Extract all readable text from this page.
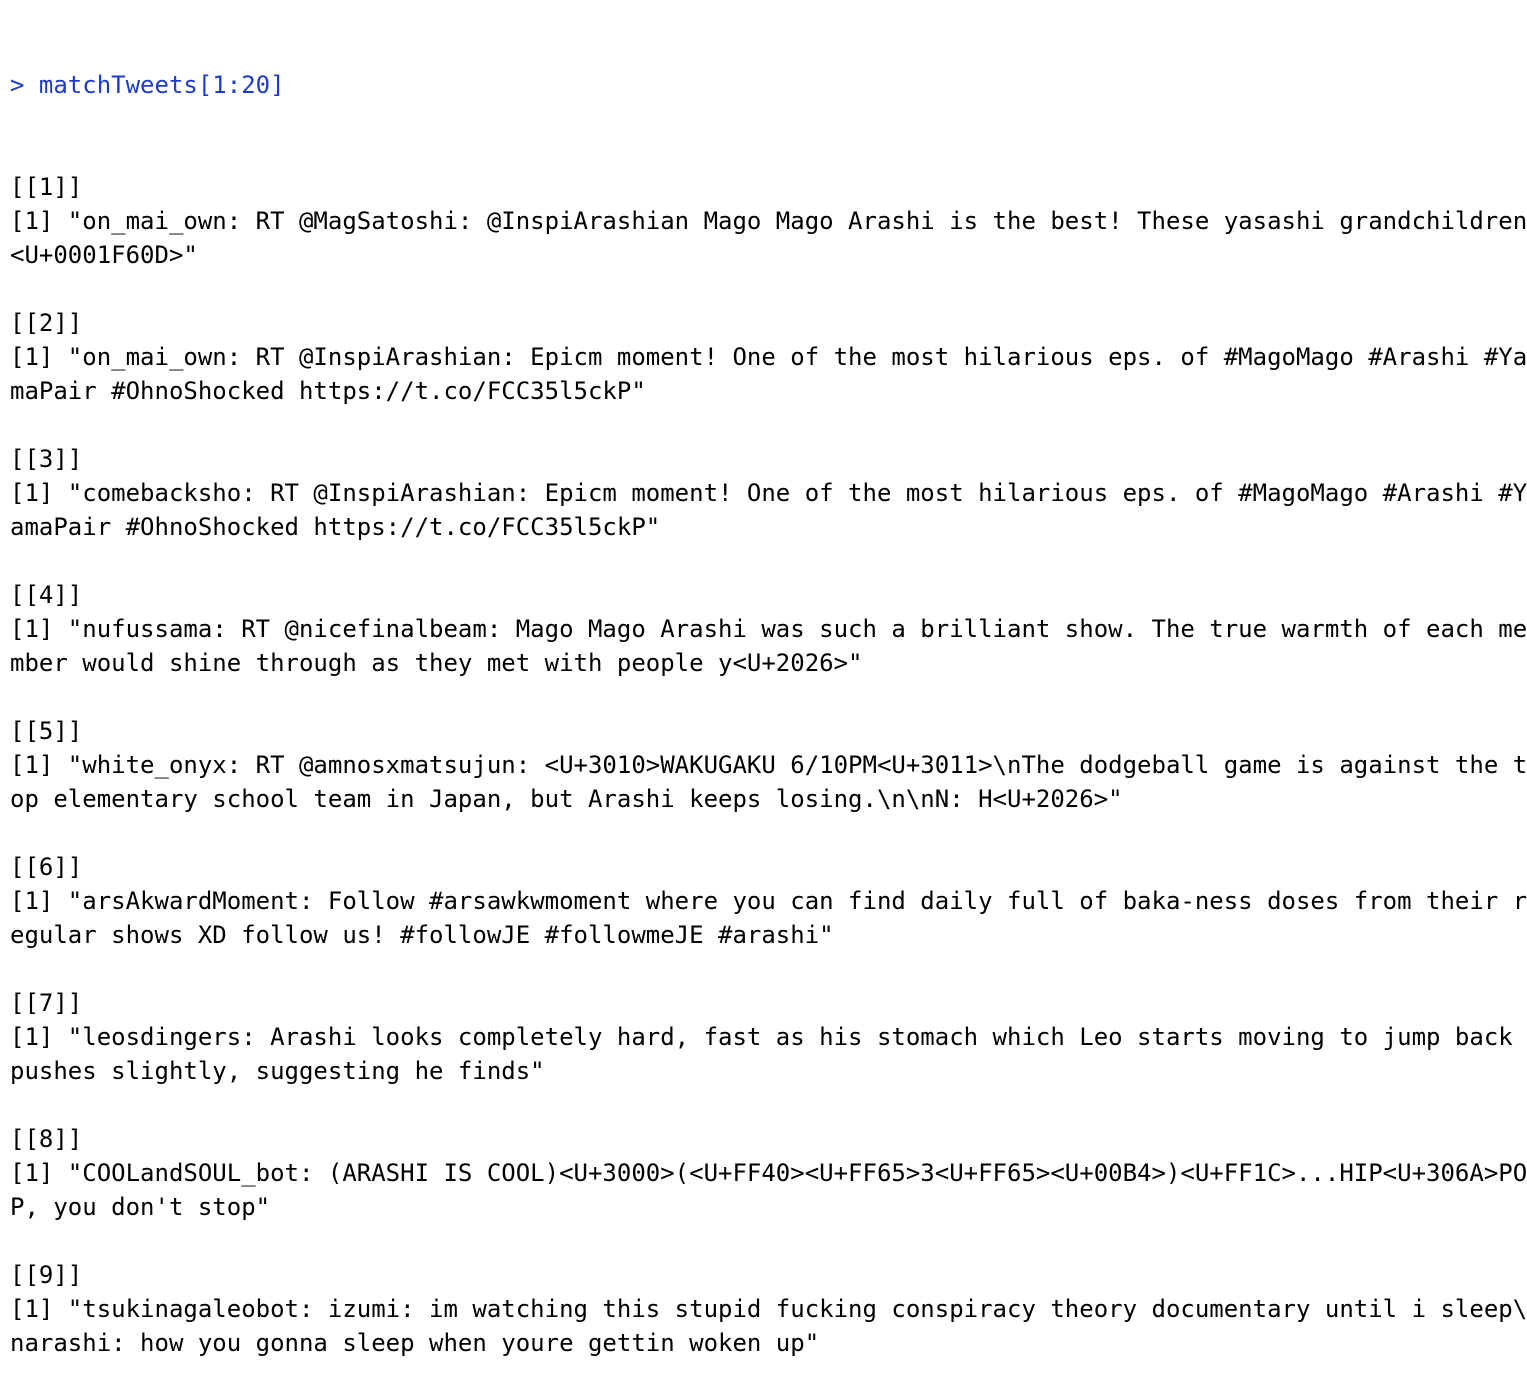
> matchTweets[1:20]

[[1]]
[1] "on_mai_own: RT @MagSatoshi: @InspiArashian Mago Mago Arashi is the best! These yasashi grandchildren
<U+0001F60D>"
[[2]]
[1] "on_mai_own: RT @InspiArashian: Epicm moment! One of the most hilarious eps. of #MagoMago #Arashi #Ya
maPair #OhnoShocked https://t.co/FCC35l5ckP"
[[3]]
[1] "comebacksho: RT @InspiArashian: Epicm moment! One of the most hilarious eps. of #MagoMago #Arashi #Y
amaPair #OhnoShocked https://t.co/FCC35l5ckP"
[[4]]
[1] "nufussama: RT @nicefinalbeam: Mago Mago Arashi was such a brilliant show. The true warmth of each me
mber would shine through as they met with people y<U+2026>"
[[5]]
[1] "white_onyx: RT @amnosxmatsujun: <U+3010>WAKUGAKU 6/10PM<U+3011>\nThe dodgeball game is against the t
op elementary school team in Japan, but Arashi keeps losing.\n\nN: H<U+2026>"
[[6]]
[1] "arsAkwardMoment: Follow #arsawkwmoment where you can find daily full of baka-ness doses from their r
egular shows XD follow us! #followJE #followmeJE #arashi"
[[7]]
[1] "leosdingers: Arashi looks completely hard, fast as his stomach which Leo starts moving to jump back
pushes slightly, suggesting he finds"
[[8]]
[1] "COOLandSOUL_bot: (ARASHI IS COOL)<U+3000>(<U+FF40><U+FF65>3<U+FF65><U+00B4>)<U+FF1C>...HIP<U+306A>PO
P, you don't stop"
[[9]]
[1] "tsukinagaleobot: izumi: im watching this stupid fucking conspiracy theory documentary until i sleep\
narashi: how you gonna sleep when youre gettin woken up"
